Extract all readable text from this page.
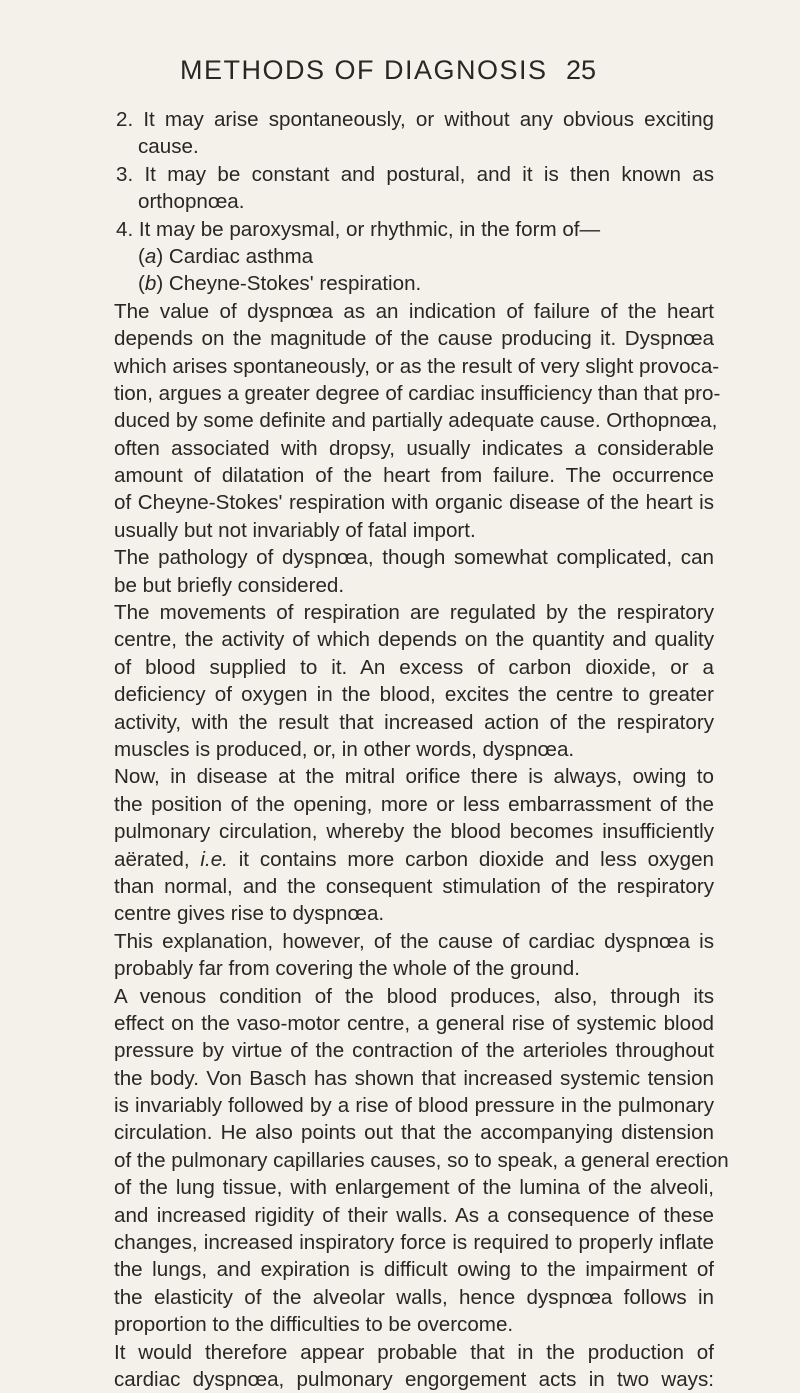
METHODS OF DIAGNOSIS 25
2. It may arise spontaneously, or without any obvious exciting
cause.
3. It may be constant and postural, and it is then known as
orthopnœa.
4. It may be paroxysmal, or rhythmic, in the form of—
(a) Cardiac asthma
(b) Cheyne-Stokes' respiration.
The value of dyspnœa as an indication of failure of the heart
depends on the magnitude of the cause producing it. Dyspnœa
which arises spontaneously, or as the result of very slight provoca-
tion, argues a greater degree of cardiac insufficiency than that pro-
duced by some definite and partially adequate cause. Orthopnœa,
often associated with dropsy, usually indicates a considerable
amount of dilatation of the heart from failure. The occurrence
of Cheyne-Stokes' respiration with organic disease of the heart is
usually but not invariably of fatal import.
The pathology of dyspnœa, though somewhat complicated, can
be but briefly considered.
The movements of respiration are regulated by the respiratory
centre, the activity of which depends on the quantity and quality
of blood supplied to it. An excess of carbon dioxide, or a
deficiency of oxygen in the blood, excites the centre to greater
activity, with the result that increased action of the respiratory
muscles is produced, or, in other words, dyspnœa.
Now, in disease at the mitral orifice there is always, owing to
the position of the opening, more or less embarrassment of the
pulmonary circulation, whereby the blood becomes insufficiently
aërated, i.e. it contains more carbon dioxide and less oxygen
than normal, and the consequent stimulation of the respiratory
centre gives rise to dyspnœa.
This explanation, however, of the cause of cardiac dyspnœa is
probably far from covering the whole of the ground.
A venous condition of the blood produces, also, through its
effect on the vaso-motor centre, a general rise of systemic blood
pressure by virtue of the contraction of the arterioles throughout
the body. Von Basch has shown that increased systemic tension
is invariably followed by a rise of blood pressure in the pulmonary
circulation. He also points out that the accompanying distension
of the pulmonary capillaries causes, so to speak, a general erection
of the lung tissue, with enlargement of the lumina of the alveoli,
and increased rigidity of their walls. As a consequence of these
changes, increased inspiratory force is required to properly inflate
the lungs, and expiration is difficult owing to the impairment of
the elasticity of the alveolar walls, hence dyspnœa follows in
proportion to the difficulties to be overcome.
It would therefore appear probable that in the production of
cardiac dyspnœa, pulmonary engorgement acts in two ways:
